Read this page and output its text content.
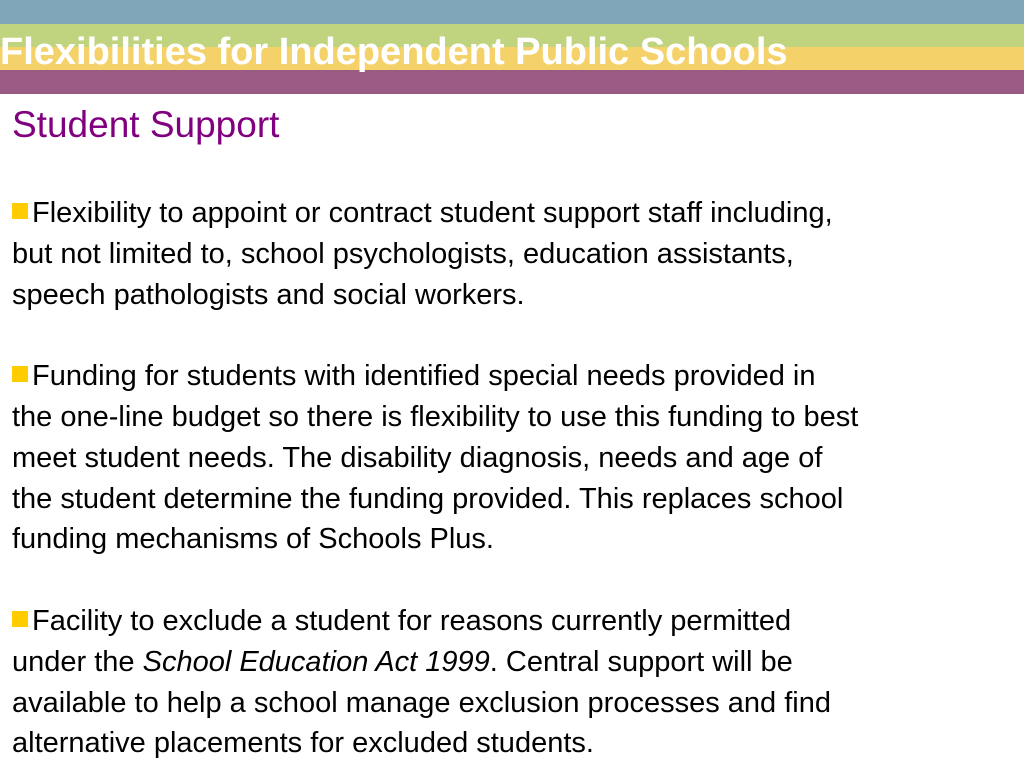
Flexibilities for Independent Public Schools
Student Support
Flexibility to appoint or contract student support staff including,
but not limited to, school psychologists, education assistants,
speech pathologists and social workers.
Funding for students with identified special needs provided in
the one-line budget so there is flexibility to use this funding to best
meet student needs. The disability diagnosis, needs and age of
the student determine the funding provided. This replaces school
funding mechanisms of Schools Plus.
Facility to exclude a student for reasons currently permitted
under the School Education Act 1999. Central support will be
available to help a school manage exclusion processes and find
alternative placements for excluded students.
